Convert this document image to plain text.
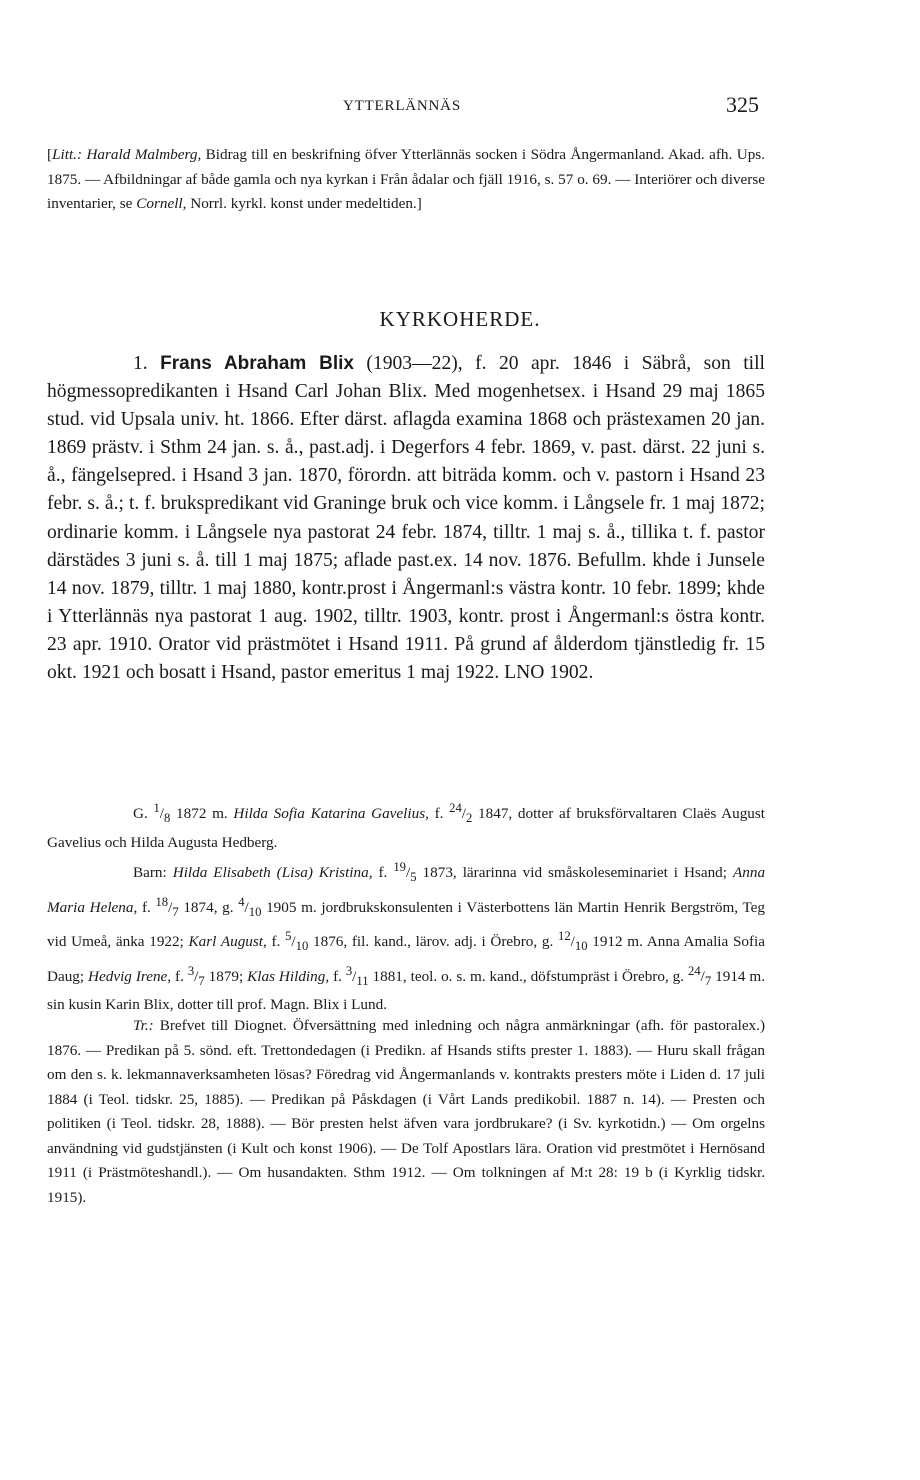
YTTERLÄNNÄS	325

[Litt.: Harald Malmberg, Bidrag till en beskrifning öfver Ytterlännäs socken i Södra Ångermanland. Akad. afh. Ups. 1875. — Afbildningar af både gamla och nya kyrkan i Från ådalar och fjäll 1916, s. 57 o. 69. — Interiörer och diverse inventarier, se Cornell, Norrl. kyrkl. konst under medeltiden.]

KYRKOHERDE.

1. Frans Abraham Blix (1903—22), f. 20 apr. 1846 i Säbrå, son till högmessopredikanten i Hsand Carl Johan Blix. Med mogenhetsex. i Hsand 29 maj 1865 stud. vid Upsala univ. ht. 1866. Efter därst. aflagda examina 1868 och prästexamen 20 jan. 1869 prästv. i Sthm 24 jan. s. å., past.adj. i Degerfors 4 febr. 1869, v. past. därst. 22 juni s. å., fängelsepred. i Hsand 3 jan. 1870, förordn. att biträda komm. och v. pastorn i Hsand 23 febr. s. å.; t. f. brukspredikant vid Graninge bruk och vice komm. i Långsele fr. 1 maj 1872; ordinarie komm. i Långsele nya pastorat 24 febr. 1874, tilltr. 1 maj s. å., tillika t. f. pastor därstädes 3 juni s. å. till 1 maj 1875; aflade past.ex. 14 nov. 1876. Befullm. khde i Junsele 14 nov. 1879, tilltr. 1 maj 1880, kontr.prost i Ångermanl:s västra kontr. 10 febr. 1899; khde i Ytterlännäs nya pastorat 1 aug. 1902, tilltr. 1903, kontr. prost i Ångermanl:s östra kontr. 23 apr. 1910. Orator vid prästmötet i Hsand 1911. På grund af ålderdom tjänstledig fr. 15 okt. 1921 och bosatt i Hsand, pastor emeritus 1 maj 1922. LNO 1902.

G. $^1/_8$ 1872 m. Hilda Sofia Katarina Gavelius, f. $^{24}/_2$ 1847, dotter af bruksförvaltaren Claës August Gavelius och Hilda Augusta Hedberg.

Barn: Hilda Elisabeth (Lisa) Kristina, f. $^{19}/_5$ 1873, lärarinna vid småskoleseminariet i Hsand; Anna Maria Helena, f. $^{18}/_7$ 1874, g. $^4/_{10}$ 1905 m. jordbrukskonsulenten i Västerbottens län Martin Henrik Bergström, Teg vid Umeå, änka 1922; Karl August, f. $^5/_{10}$ 1876, fil. kand., lärov. adj. i Örebro, g. $^{12}/_{10}$ 1912 m. Anna Amalia Sofia Daug; Hedvig Irene, f. $^3/_7$ 1879; Klas Hilding, f. $^3/_{11}$ 1881, teol. o. s. m. kand., döfstumpräst i Örebro, g. $^{24}/_7$ 1914 m. sin kusin Karin Blix, dotter till prof. Magn. Blix i Lund.

Tr.: Brefvet till Diognet. Öfversättning med inledning och några anmärkningar (afh. för pastoralex.) 1876. — Predikan på 5. sönd. eft. Trettondedagen (i Predikn. af Hsands stifts prester 1. 1883). — Huru skall frågan om den s. k. lekmannaverksamheten lösas? Föredrag vid Ångermanlands v. kontrakts presters möte i Liden d. 17 juli 1884 (i Teol. tidskr. 25, 1885). — Predikan på Påskdagen (i Vårt Lands predikobil. 1887 n. 14). — Presten och politiken (i Teol. tidskr. 28, 1888). — Bör presten helst äfven vara jordbrukare? (i Sv. kyrkotidn.) — Om orgelns användning vid gudstjänsten (i Kult och konst 1906). — De Tolf Apostlars lära. Oration vid prestmötet i Hernösand 1911 (i Prästmöteshandl.). — Om husandakten. Sthm 1912. — Om tolkningen af M:t 28: 19 b (i Kyrklig tidskr. 1915).
